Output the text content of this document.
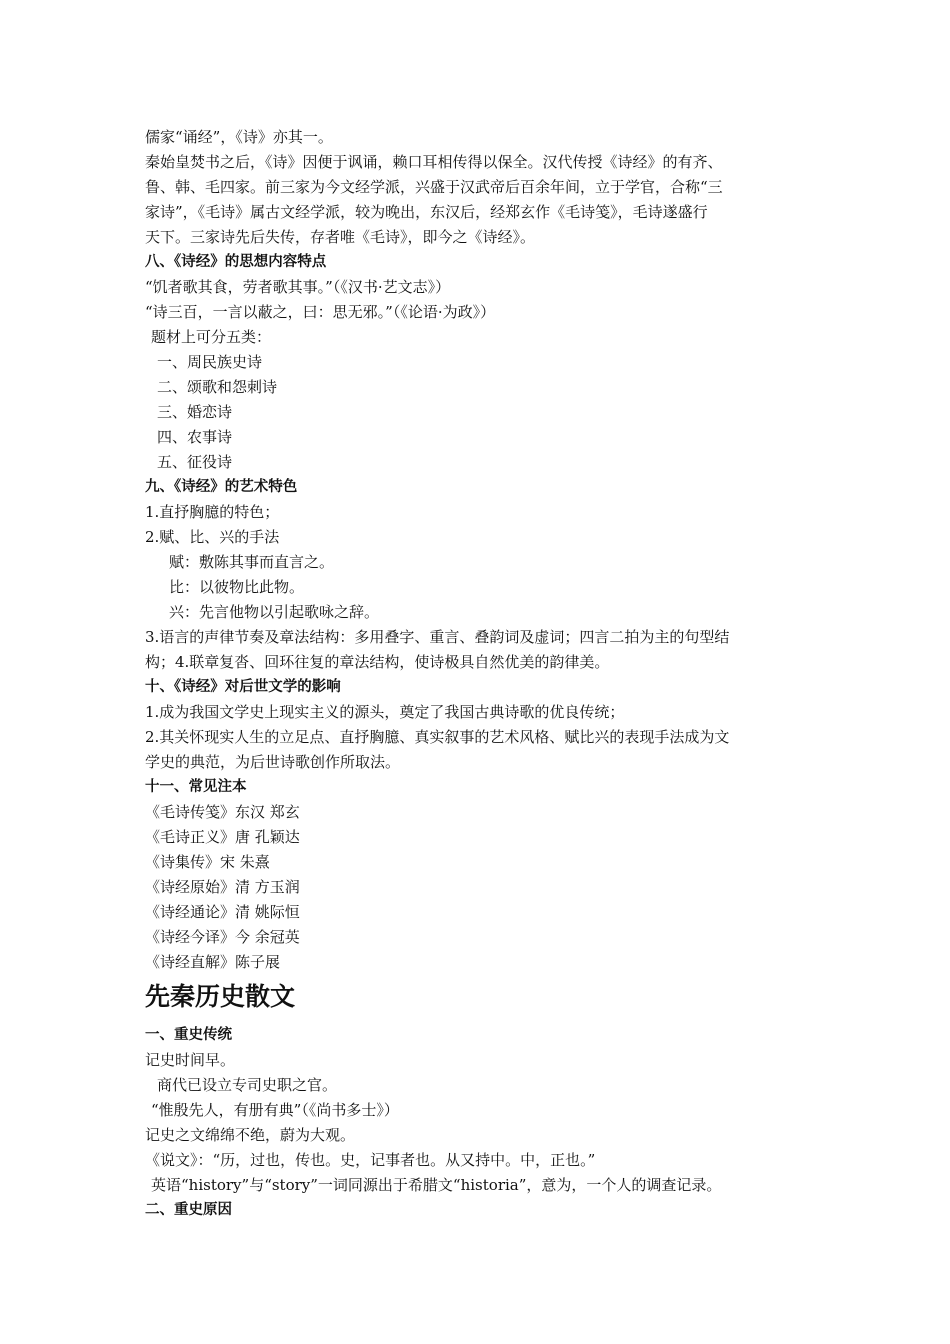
儒家“诵经”，《诗》亦其一。
秦始皇焚书之后，《诗》因便于讽诵，赖口耳相传得以保全。汉代传授《诗经》的有齐、
鲁、韩、毛四家。前三家为今文经学派，兴盛于汉武帝后百余年间，立于学官，合称“三
家诗”，《毛诗》属古文经学派，较为晚出，东汉后，经郑玄作《毛诗笺》，毛诗遂盛行
天下。三家诗先后失传，存者唯《毛诗》，即今之《诗经》。
八、《诗经》的思想内容特点
“饥者歌其食，劳者歌其事。”（《汉书·艺文志》）
“诗三百，一言以蔽之，曰：思无邪。”（《论语·为政》）
题材上可分五类：
一、周民族史诗
二、颂歌和怨刺诗
三、婚恋诗
四、农事诗
五、征役诗
九、《诗经》的艺术特色
1.直抒胸臆的特色；
2.赋、比、兴的手法
赋：敷陈其事而直言之。
比：以彼物比此物。
兴：先言他物以引起歌咏之辞。
3.语言的声律节奏及章法结构：多用叠字、重言、叠韵词及虚词；四言二拍为主的句型结
构；4.联章复沓、回环往复的章法结构，使诗极具自然优美的韵律美。
十、《诗经》对后世文学的影响
1.成为我国文学史上现实主义的源头，奠定了我国古典诗歌的优良传统；
2.其关怀现实人生的立足点、直抒胸臆、真实叙事的艺术风格、赋比兴的表现手法成为文
学史的典范，为后世诗歌创作所取法。
十一、常见注本
《毛诗传笺》东汉 郑玄
《毛诗正义》唐 孔颖达
《诗集传》宋 朱熹
《诗经原始》清 方玉润
《诗经通论》清 姚际恒
《诗经今译》今 余冠英
《诗经直解》陈子展
先秦历史散文
一、重史传统
记史时间早。
商代已设立专司史职之官。
“惟殷先人，有册有典”（《尚书多士》）
记史之文绵绵不绝，蔚为大观。
《说文》：“历，过也，传也。史，记事者也。从又持中。中，正也。”
英语“history”与“story”一词同源出于希腊文“historia”，意为，一个人的调查记录。
二、重史原因
